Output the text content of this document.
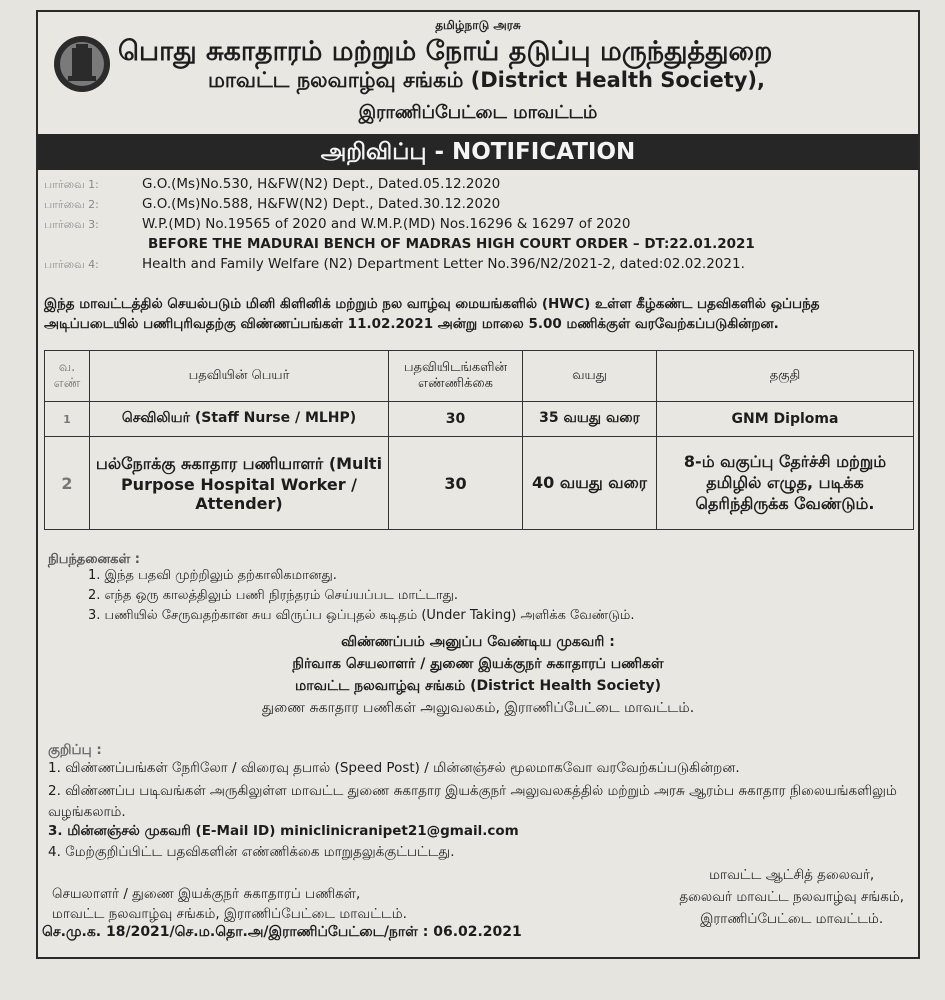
தமிழ்நாடு அரசு
பொது சுகாதாரம் மற்றும் நோய் தடுப்பு மருந்துத்துறை
மாவட்ட நலவாழ்வு சங்கம் (District Health Society),
இராணிப்பேட்டை மாவட்டம்
அறிவிப்பு - NOTIFICATION
பார்வை 1:	G.O.(Ms)No.530, H&FW(N2) Dept., Dated.05.12.2020
பார்வை 2:	G.O.(Ms)No.588, H&FW(N2) Dept., Dated.30.12.2020
பார்வை 3:	W.P.(MD) No.19565 of 2020 and W.M.P.(MD) Nos.16296 & 16297 of 2020
BEFORE THE MADURAI BENCH OF MADRAS HIGH COURT ORDER – DT:22.01.2021
பார்வை 4:	Health and Family Welfare (N2) Department Letter No.396/N2/2021-2, dated:02.02.2021.
இந்த மாவட்டத்தில் செயல்படும் மினி கிளினிக் மற்றும் நல வாழ்வு மையங்களில் (HWC) உள்ள கீழ்கண்ட பதவிகளில் ஒப்பந்த அடிப்படையில் பணிபுரிவதற்கு விண்ணப்பங்கள் 11.02.2021 அன்று மாலை 5.00 மணிக்குள் வரவேற்கப்படுகின்றன.
வ. எண்	பதவியின் பெயர்	பதவியிடங்களின் எண்ணிக்கை	வயது	தகுதி
1	செவிலியர் (Staff Nurse / MLHP)	30	35 வயது வரை	GNM Diploma
2	பல்நோக்கு சுகாதார பணியாளர் (Multi Purpose Hospital Worker / Attender)	30	40 வயது வரை	8-ம் வகுப்பு தேர்ச்சி மற்றும் தமிழில் எழுத, படிக்க தெரிந்திருக்க வேண்டும்.
நிபந்தனைகள் :
1. இந்த பதவி முற்றிலும் தற்காலிகமானது.
2. எந்த ஒரு காலத்திலும் பணி நிரந்தரம் செய்யப்பட மாட்டாது.
3. பணியில் சேருவதற்கான சுய விருப்ப ஒப்புதல் கடிதம் (Under Taking) அளிக்க வேண்டும்.
விண்ணப்பம் அனுப்ப வேண்டிய முகவரி :
நிர்வாக செயலாளர் / துணை இயக்குநர் சுகாதாரப் பணிகள்
மாவட்ட நலவாழ்வு சங்கம் (District Health Society)
துணை சுகாதார பணிகள் அலுவலகம், இராணிப்பேட்டை மாவட்டம்.
குறிப்பு :
1. விண்ணப்பங்கள் நேரிலோ / விரைவு தபால் (Speed Post) / மின்னஞ்சல் மூலமாகவோ வரவேற்கப்படுகின்றன.
2. விண்ணப்ப படிவங்கள் அருகிலுள்ள மாவட்ட துணை சுகாதார இயக்குநர் அலுவலகத்தில் மற்றும் அரசு ஆரம்ப சுகாதார நிலையங்களிலும் வழங்கலாம்.
3. மின்னஞ்சல் முகவரி (E-Mail ID) miniclinicranipet21@gmail.com
4. மேற்குறிப்பிட்ட பதவிகளின் எண்ணிக்கை மாறுதலுக்குட்பட்டது.
செயலாளர் / துணை இயக்குநர் சுகாதாரப் பணிகள்,
மாவட்ட நலவாழ்வு சங்கம், இராணிப்பேட்டை மாவட்டம்.
மாவட்ட ஆட்சித் தலைவர்,
தலைவர் மாவட்ட நலவாழ்வு சங்கம்,
இராணிப்பேட்டை மாவட்டம்.
செ.மு.க. 18/2021/செ.ம.தொ.அ/இராணிப்பேட்டை/நாள் : 06.02.2021
